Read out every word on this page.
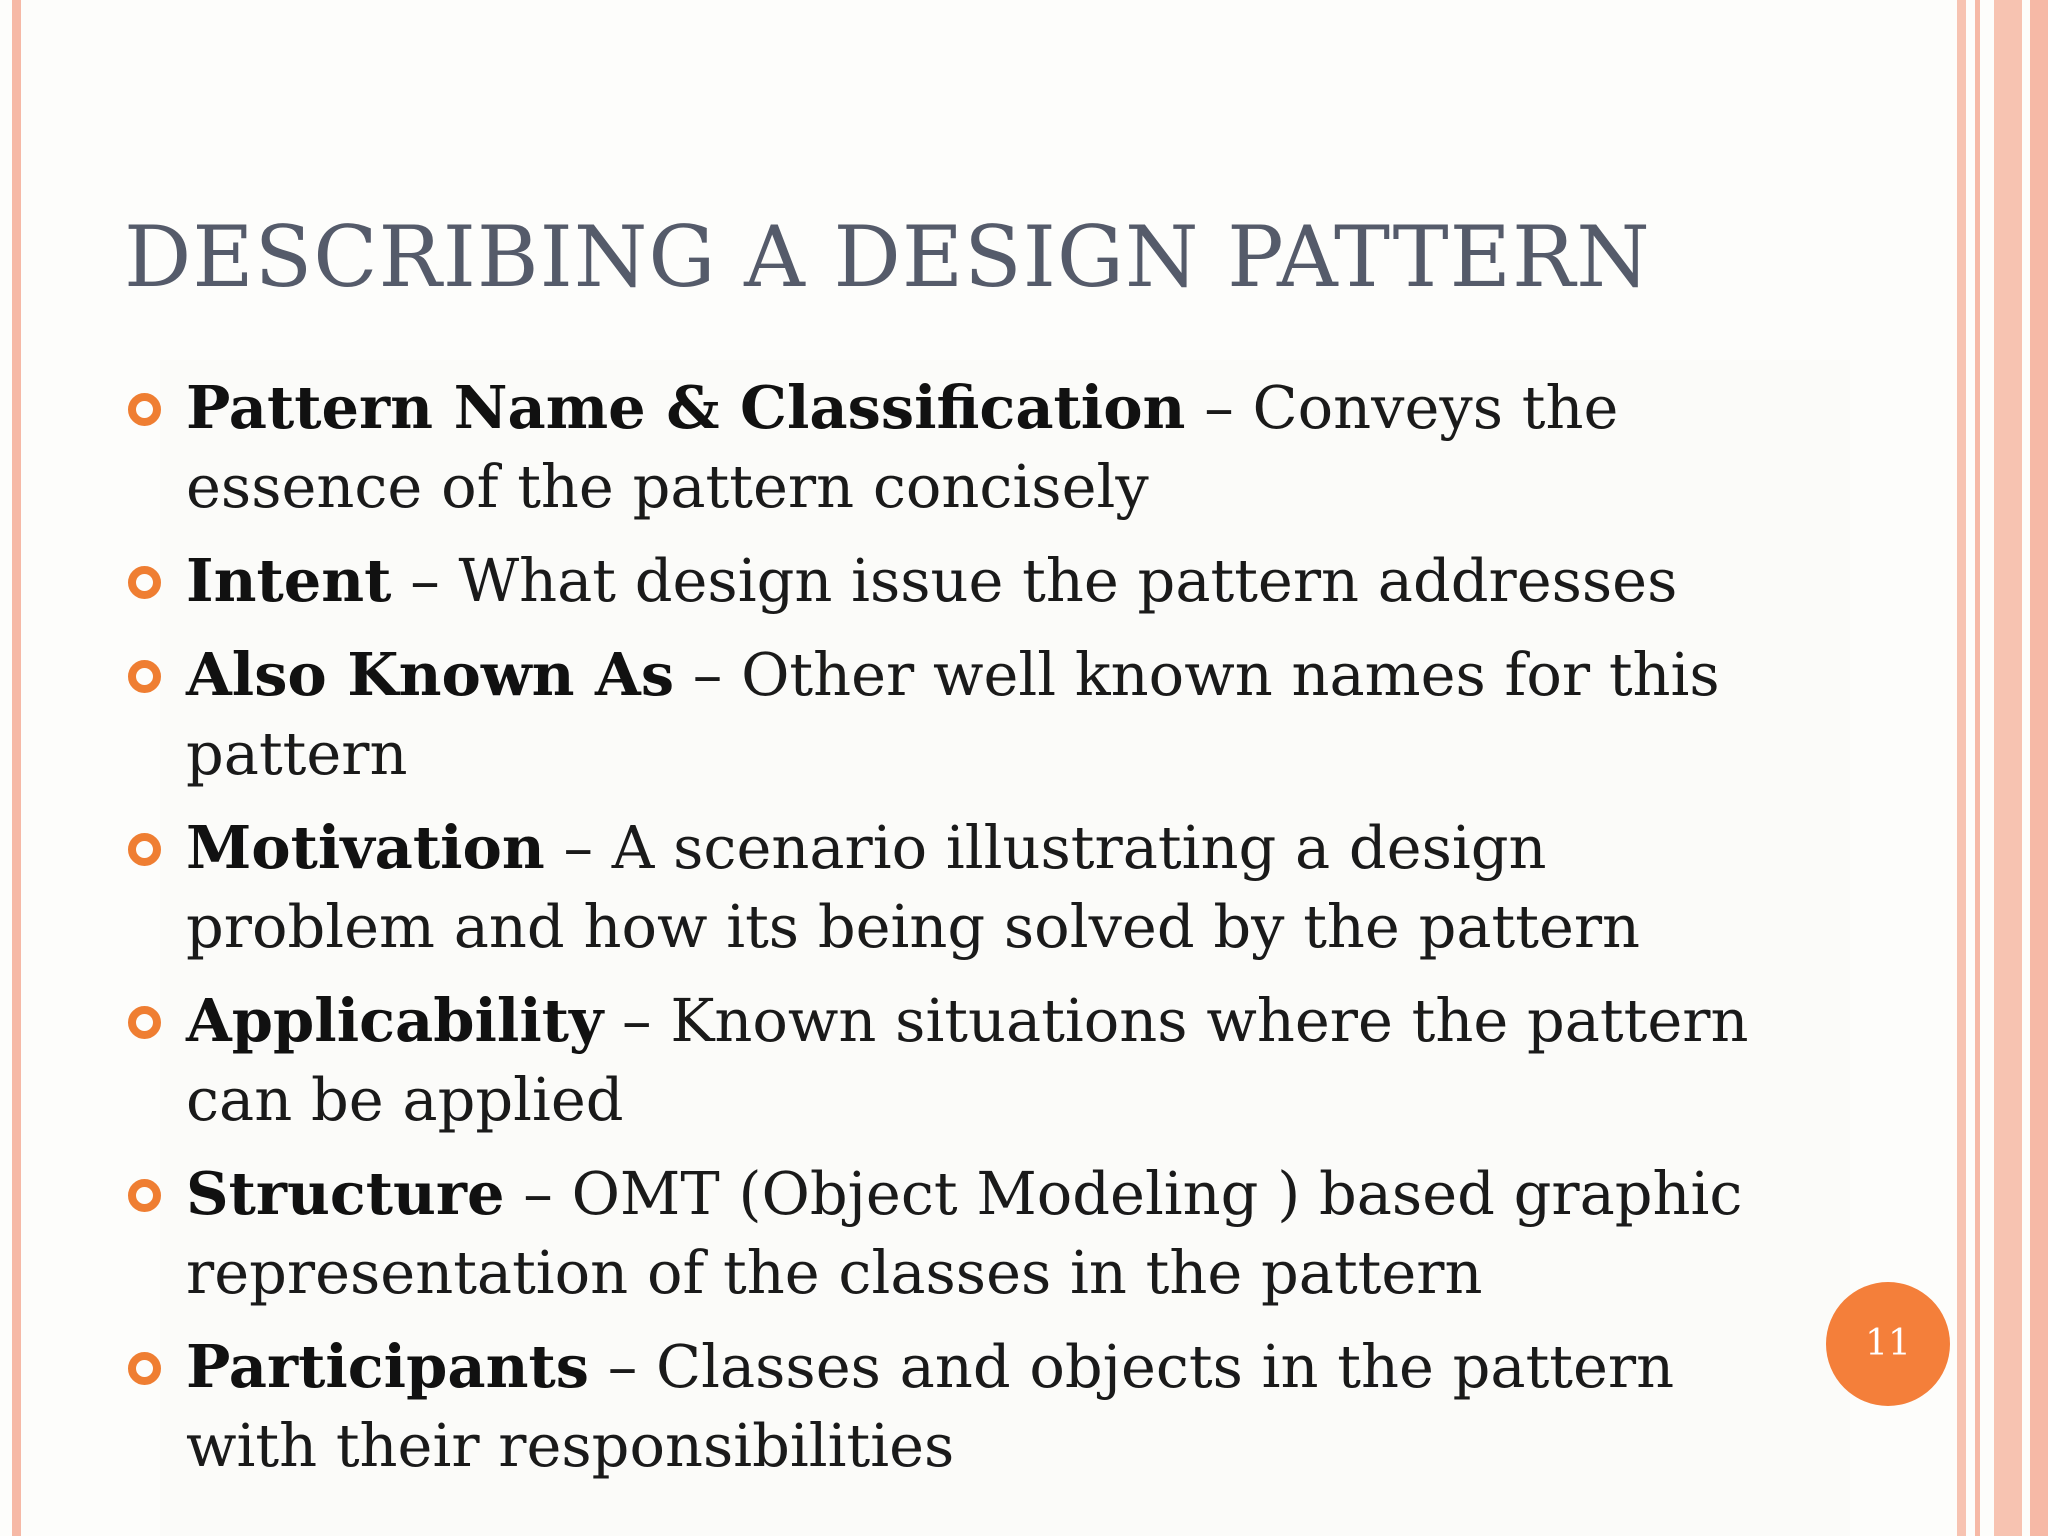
DESCRIBING A DESIGN PATTERN
Pattern Name & Classification – Conveys the essence of the pattern concisely
Intent – What design issue the pattern addresses
Also Known As – Other well known names for this pattern
Motivation – A scenario illustrating a design problem and how its being solved by the pattern
Applicability – Known situations where the pattern can be applied
Structure – OMT (Object Modeling ) based graphic representation of the classes in the pattern
Participants – Classes and objects in the pattern with their responsibilities
11
